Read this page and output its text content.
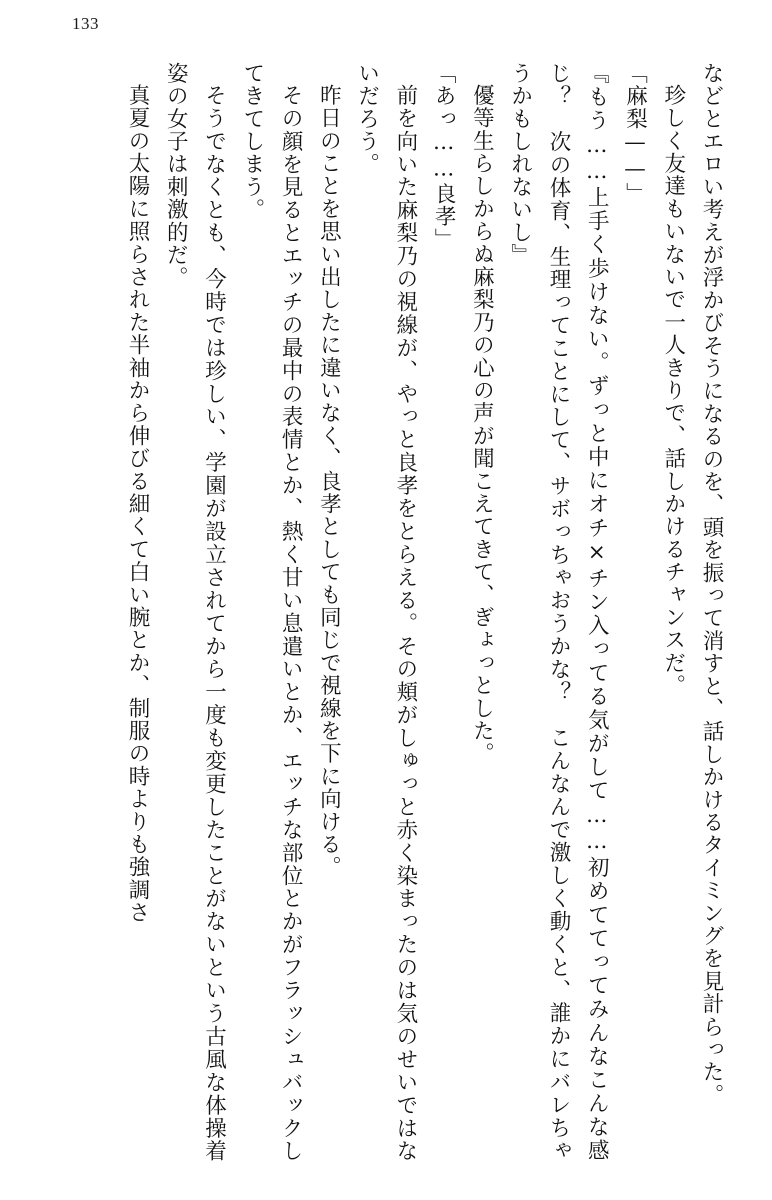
133

などとエロい考えが浮かびそうになるのを、頭を振って消すと、話しかけるタイミングを見計らった。

珍しく友達もいないで一人きりで、話しかけるチャンスだ。

「麻梨——」

『もう……上手く歩けない。ずっと中にオチ×チン入ってる気がして……初めててってみんなこんな感じ？　次の体育、生理ってことにして、サボっちゃおうかな？　こんなんで激しく動くと、誰かにバレちゃうかもしれないし』

優等生らしからぬ麻梨乃の心の声が聞こえてきて、ぎょっとした。

「あっ……良孝」

前を向いた麻梨乃の視線が、やっと良孝をとらえる。その頬がしゅっと赤く染まったのは気のせいではないだろう。

昨日のことを思い出したに違いなく、良孝としても同じで視線を下に向ける。

その顔を見るとエッチの最中の表情とか、熱く甘い息遣いとか、エッチな部位とかがフラッシュバックしてきてしまう。

そうでなくとも、今時では珍しい、学園が設立されてから一度も変更したことがないという古風な体操着姿の女子は刺激的だ。

真夏の太陽に照らされた半袖から伸びる細くて白い腕とか、制服の時よりも強調さ
